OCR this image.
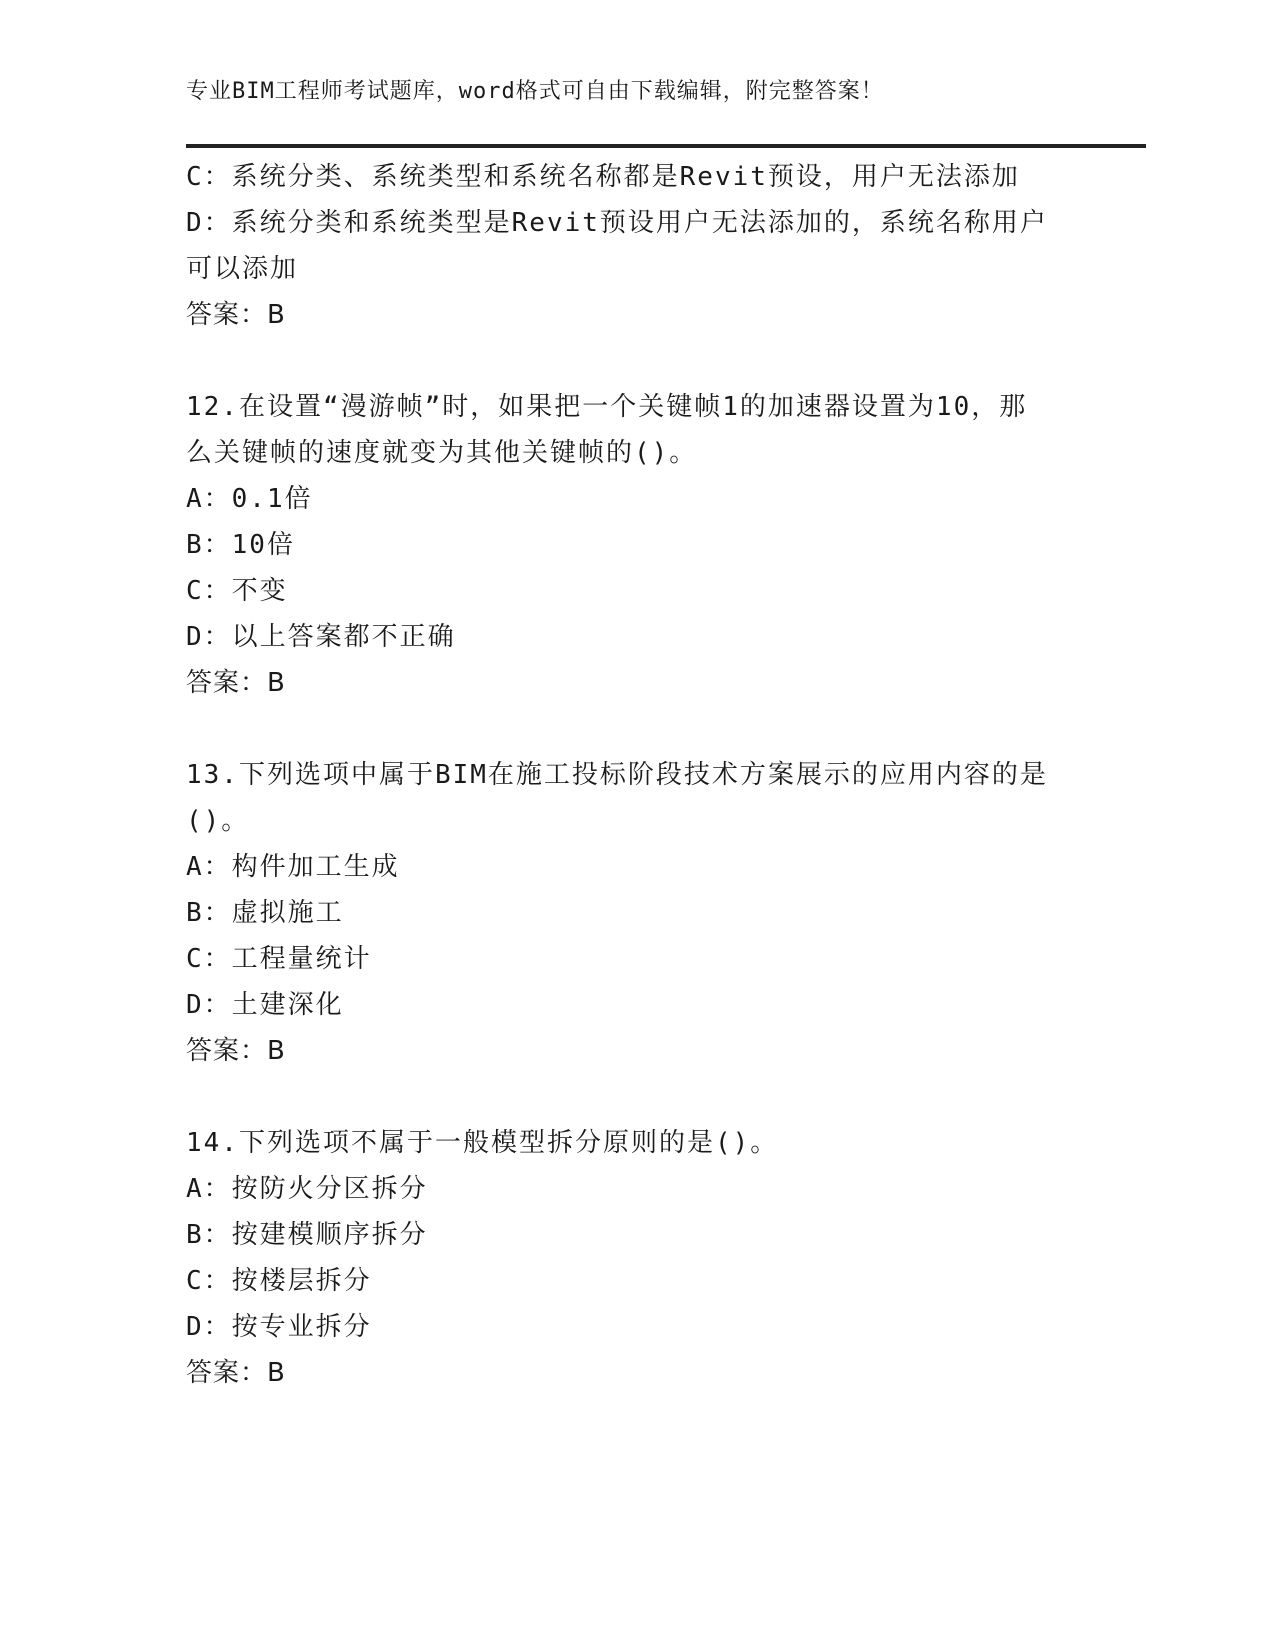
专业BIM工程师考试题库，word格式可自由下载编辑，附完整答案！

C：系统分类、系统类型和系统名称都是Revit预设，用户无法添加

D：系统分类和系统类型是Revit预设用户无法添加的，系统名称用户

可以添加

答案：B

12.在设置“漫游帧”时，如果把一个关键帧1的加速器设置为10，那

么关键帧的速度就变为其他关键帧的()。

A：0.1倍

B：10倍

C：不变

D：以上答案都不正确

答案：B

13.下列选项中属于BIM在施工投标阶段技术方案展示的应用内容的是

()。

A：构件加工生成

B：虚拟施工

C：工程量统计

D：土建深化

答案：B

14.下列选项不属于一般模型拆分原则的是()。

A：按防火分区拆分

B：按建模顺序拆分

C：按楼层拆分

D：按专业拆分

答案：B
